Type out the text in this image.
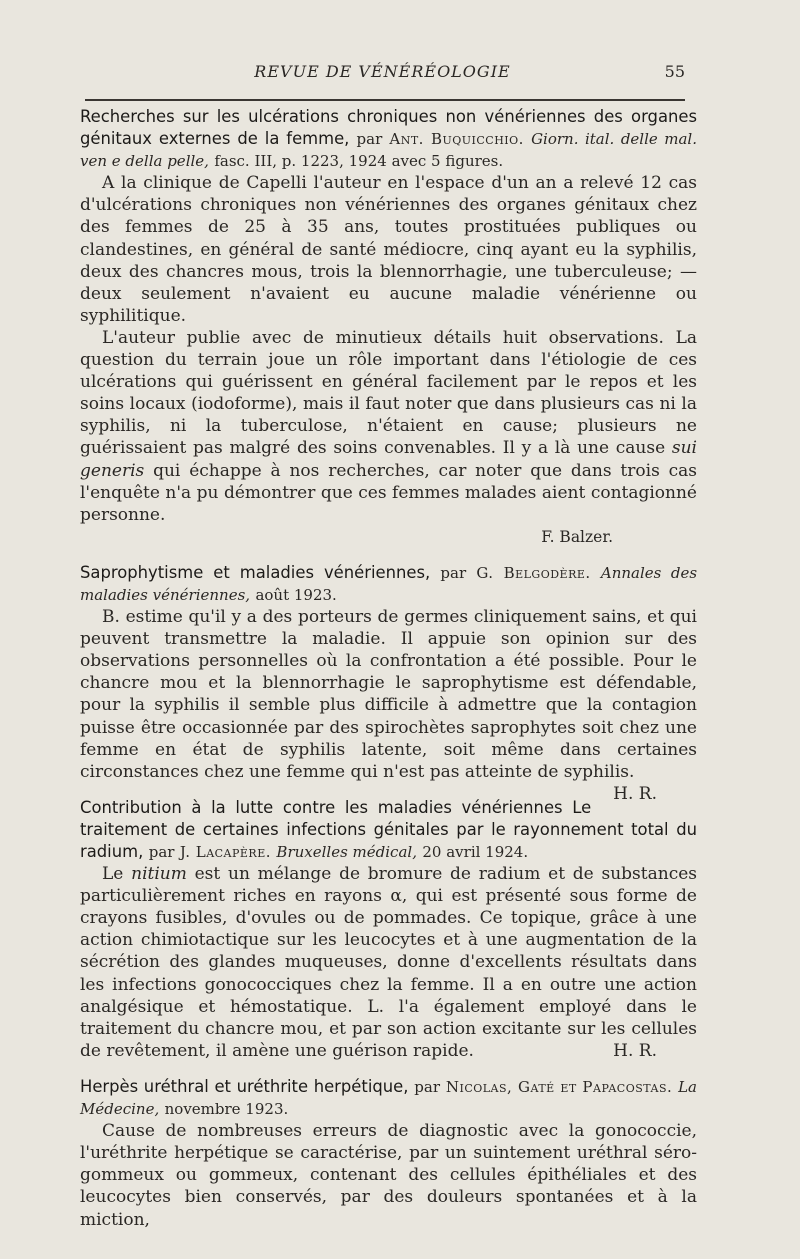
REVUE DE VÉNÉRÉOLOGIE	55

Recherches sur les ulcérations chroniques non vénériennes des organes génitaux externes de la femme, par Ant. Buquicchio. Giorn. ital. delle mal. ven e della pelle, fasc. III, p. 1223, 1924 avec 5 figures.

A la clinique de Capelli l'auteur en l'espace d'un an a relevé 12 cas d'ulcérations chroniques non vénériennes des organes génitaux chez des femmes de 25 à 35 ans, toutes prostituées publiques ou clandestines, en général de santé médiocre, cinq ayant eu la syphilis, deux des chancres mous, trois la blennorrhagie, une tuberculeuse; — deux seulement n'avaient eu aucune maladie vénérienne ou syphilitique.

L'auteur publie avec de minutieux détails huit observations. La question du terrain joue un rôle important dans l'étiologie de ces ulcérations qui guérissent en général facilement par le repos et les soins locaux (iodoforme), mais il faut noter que dans plusieurs cas ni la syphilis, ni la tuberculose, n'étaient en cause; plusieurs ne guérissaient pas malgré des soins convenables. Il y a là une cause sui generis qui échappe à nos recherches, car noter que dans trois cas l'enquête n'a pu démontrer que ces femmes malades aient contagionné personne.

F. Balzer.

Saprophytisme et maladies vénériennes, par G. Belgodère. Annales des maladies vénériennes, août 1923.

B. estime qu'il y a des porteurs de germes cliniquement sains, et qui peuvent transmettre la maladie. Il appuie son opinion sur des observations personnelles où la confrontation a été possible. Pour le chancre mou et la blennorrhagie le saprophytisme est défendable, pour la syphilis il semble plus difficile à admettre que la contagion puisse être occasionnée par des spirochètes saprophytes soit chez une femme en état de syphilis latente, soit même dans certaines circonstances chez une femme qui n'est pas atteinte de syphilis.
H. R.

Contribution à la lutte contre les maladies vénériennes Le traitement de certaines infections génitales par le rayonnement total du radium, par J. Lacapère. Bruxelles médical, 20 avril 1924.

Le nitium est un mélange de bromure de radium et de substances particulièrement riches en rayons α, qui est présenté sous forme de crayons fusibles, d'ovules ou de pommades. Ce topique, grâce à une action chimiotactique sur les leucocytes et à une augmentation de la sécrétion des glandes muqueuses, donne d'excellents résultats dans les infections gonococciques chez la femme. Il a en outre une action analgésique et hémostatique. L. l'a également employé dans le traitement du chancre mou, et par son action excitante sur les cellules de revêtement, il amène une guérison rapide.	H. R.

Herpès uréthral et uréthrite herpétique, par Nicolas, Gaté et Papacostas. La Médecine, novembre 1923.

Cause de nombreuses erreurs de diagnostic avec la gonococcie, l'uréthrite herpétique se caractérise, par un suintement uréthral séro-gommeux ou gommeux, contenant des cellules épithéliales et des leucocytes bien conservés, par des douleurs spontanées et à la miction,
